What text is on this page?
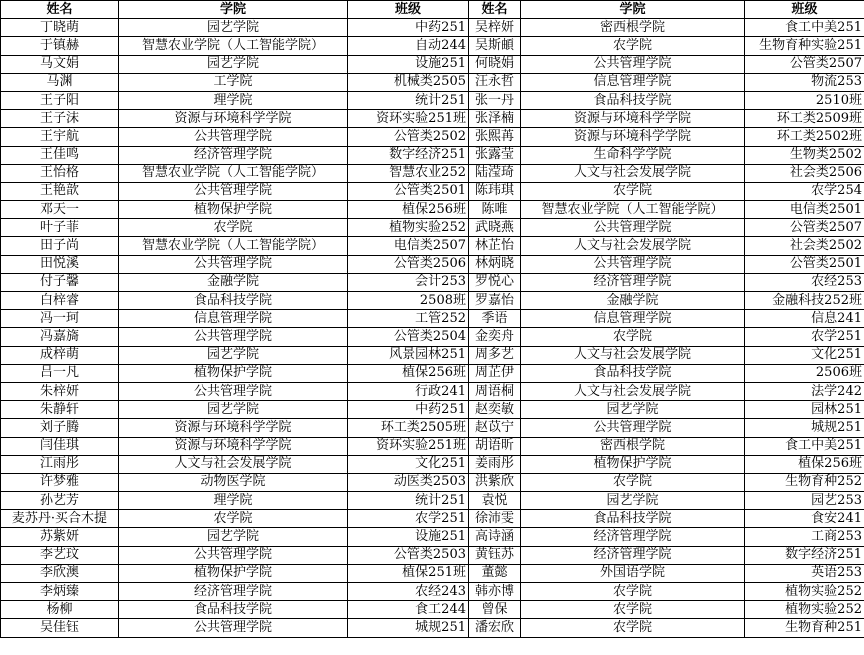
姓名	学院	班级	姓名	学院	班级
丁晓萌	园艺学院	中药251	吴梓妍	密西根学院	食工中美251
于镇赫	智慧农业学院（人工智能学院）	自动244	吴斯頔	农学院	生物育种实验251
马文娟	园艺学院	设施251	何晓娟	公共管理学院	公管类2507
马渊	工学院	机械类2505	汪永哲	信息管理学院	物流253
王子阳	理学院	统计251	张一丹	食品科技学院	2510班
王子沫	资源与环境科学学院	资环实验251班	张泽楠	资源与环境科学学院	环工类2509班
王宇航	公共管理学院	公管类2502	张熙苒	资源与环境科学学院	环工类2502班
王佳鸣	经济管理学院	数字经济251	张露莹	生命科学学院	生物类2502
王怡格	智慧农业学院（人工智能学院）	智慧农业252	陆滢琦	人文与社会发展学院	社会类2506
王艳歆	公共管理学院	公管类2501	陈玮琪	农学院	农学254
邓天一	植物保护学院	植保256班	陈唯	智慧农业学院（人工智能学院）	电信类2501
叶子菲	农学院	植物实验252	武晓燕	公共管理学院	公管类2507
田子尚	智慧农业学院（人工智能学院）	电信类2507	林芷怡	人文与社会发展学院	社会类2502
田悦溪	公共管理学院	公管类2506	林炳晓	公共管理学院	公管类2501
付子馨	金融学院	会计253	罗悦心	经济管理学院	农经253
白梓睿	食品科技学院	2508班	罗嘉怡	金融学院	金融科技252班
冯一珂	信息管理学院	工管252	季语	信息管理学院	信息241
冯嘉旖	公共管理学院	公管类2504	金奕舟	农学院	农学251
成梓萌	园艺学院	风景园林251	周多艺	人文与社会发展学院	文化251
吕一凡	植物保护学院	植保256班	周芷伊	食品科技学院	2506班
朱梓妍	公共管理学院	行政241	周语桐	人文与社会发展学院	法学242
朱静轩	园艺学院	中药251	赵奕敏	园艺学院	园林251
刘子腾	资源与环境科学学院	环工类2505班	赵苡宁	公共管理学院	城规251
闫佳琪	资源与环境科学学院	资环实验251班	胡语昕	密西根学院	食工中美251
江雨彤	人文与社会发展学院	文化251	姜雨彤	植物保护学院	植保256班
许梦雅	动物医学院	动医类2503	洪紫欣	农学院	生物育种252
孙艺芳	理学院	统计251	袁悦	园艺学院	园艺253
麦苏丹·买合木提	农学院	农学251	徐沛雯	食品科技学院	食安241
苏紫妍	园艺学院	设施251	高诗涵	经济管理学院	工商253
李艺玟	公共管理学院	公管类2503	黄钰苏	经济管理学院	数字经济251
李欣澳	植物保护学院	植保251班	董懿	外国语学院	英语253
李炳臻	经济管理学院	农经243	韩亦博	农学院	植物实验252
杨柳	食品科技学院	食工244	曾保	农学院	植物实验252
吴佳钰	公共管理学院	城规251	潘宏欣	农学院	生物育种251
